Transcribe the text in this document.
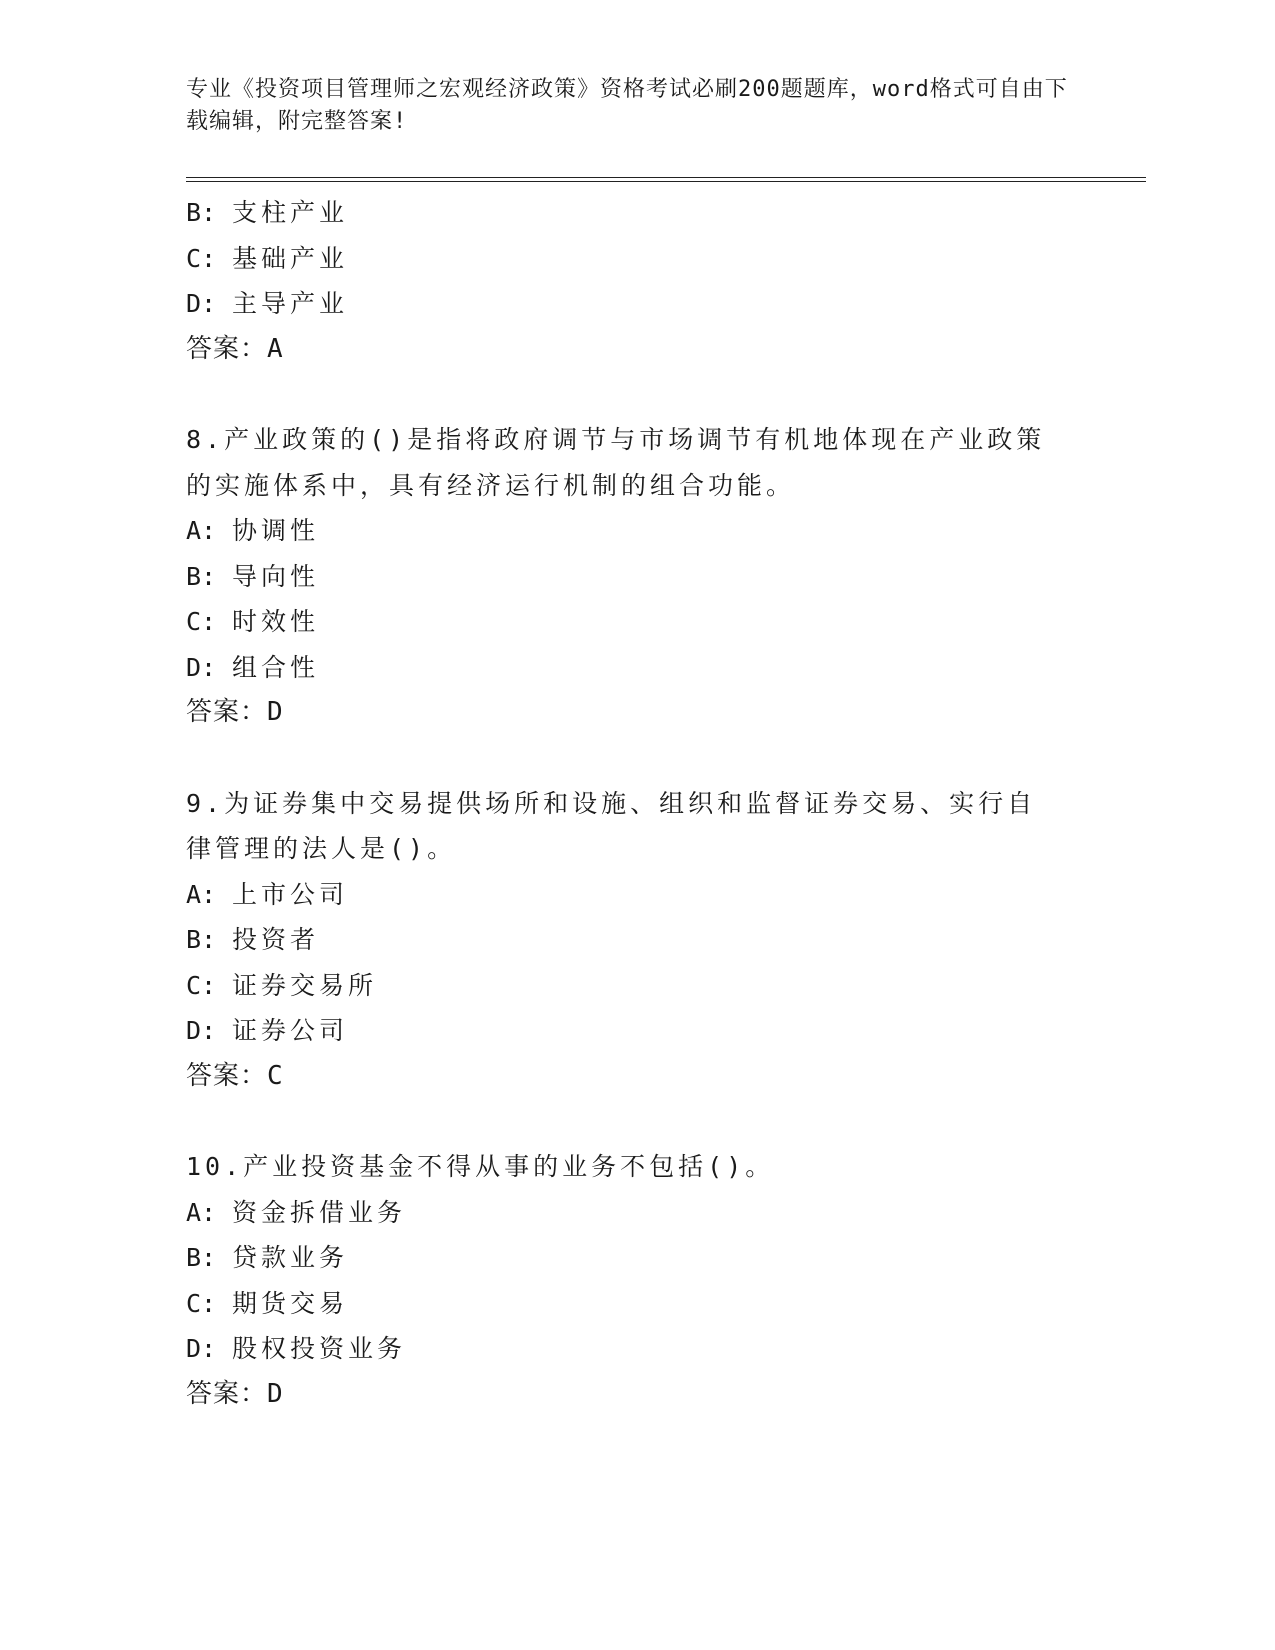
专业《投资项目管理师之宏观经济政策》资格考试必刷200题题库，word格式可自由下载编辑，附完整答案!
B: 支柱产业
C: 基础产业
D: 主导产业
答案：A
8.产业政策的()是指将政府调节与市场调节有机地体现在产业政策的实施体系中，具有经济运行机制的组合功能。
A: 协调性
B: 导向性
C: 时效性
D: 组合性
答案：D
9.为证券集中交易提供场所和设施、组织和监督证券交易、实行自律管理的法人是()。
A: 上市公司
B: 投资者
C: 证券交易所
D: 证券公司
答案：C
10.产业投资基金不得从事的业务不包括()。
A: 资金拆借业务
B: 贷款业务
C: 期货交易
D: 股权投资业务
答案：D
